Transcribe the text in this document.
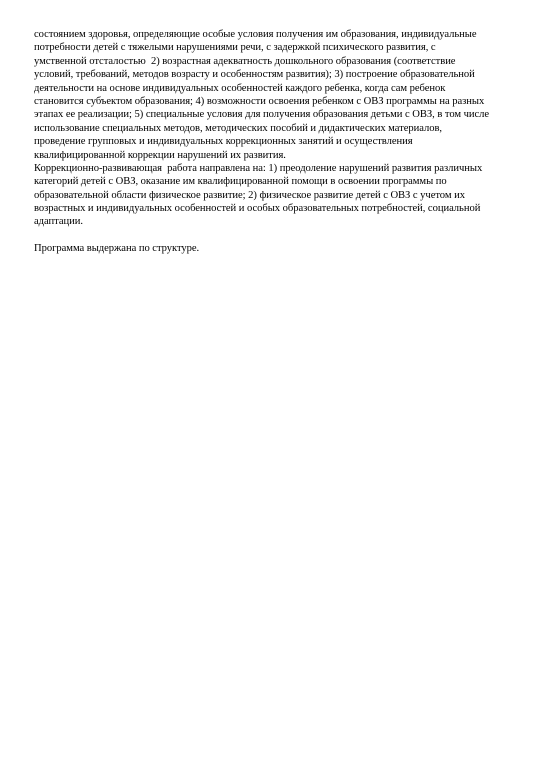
состоянием здоровья, определяющие особые условия получения им образования, индивидуальные
потребности детей с тяжелыми нарушениями речи, с задержкой психического развития, с
умственной отсталостью  2) возрастная адекватность дошкольного образования (соответствие
условий, требований, методов возрасту и особенностям развития); 3) построение образовательной
деятельности на основе индивидуальных особенностей каждого ребенка, когда сам ребенок
становится субъектом образования; 4) возможности освоения ребенком с ОВЗ программы на разных
этапах ее реализации; 5) специальные условия для получения образования детьми с ОВЗ, в том числе
использование специальных методов, методических пособий и дидактических материалов,
проведение групповых и индивидуальных коррекционных занятий и осуществления
квалифицированной коррекции нарушений их развития.
Коррекционно-развивающая  работа направлена на: 1) преодоление нарушений развития различных
категорий детей с ОВЗ, оказание им квалифицированной помощи в освоении программы по
образовательной области физическое развитие; 2) физическое развитие детей с ОВЗ с учетом их
возрастных и индивидуальных особенностей и особых образовательных потребностей, социальной
адаптации.
Программа выдержана по структуре.
